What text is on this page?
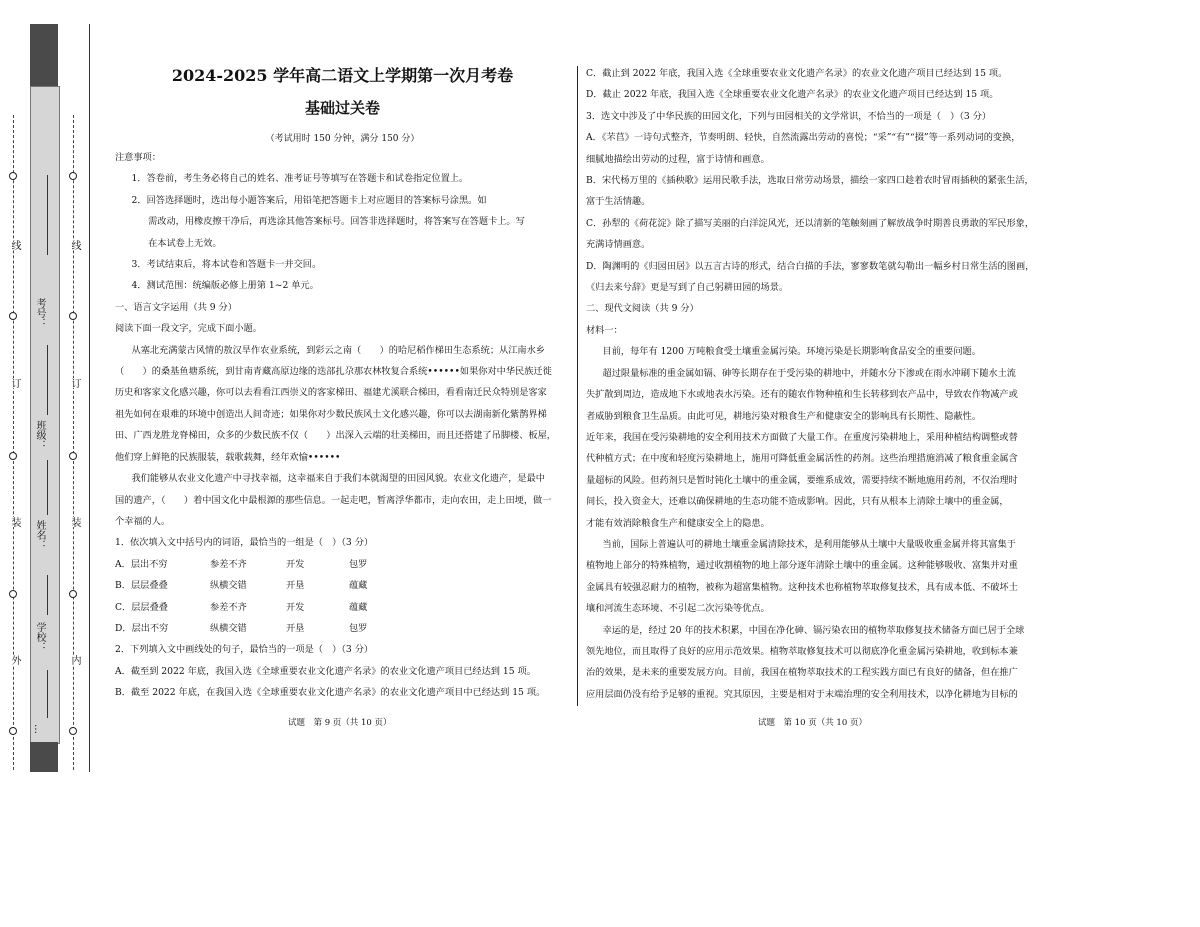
线
订
装
外
考号：
班级：
姓名：
学校：
…
线
订
装
内
2024-2025 学年高二语文上学期第一次月考卷
基础过关卷
（考试用时 150 分钟，满分 150 分）

注意事项：

1．答卷前，考生务必将自己的姓名、准考证号等填写在答题卡和试卷指定位置上。

2．回答选择题时，选出每小题答案后，用铅笔把答题卡上对应题目的答案标号涂黑。如

需改动，用橡皮擦干净后，再选涂其他答案标号。回答非选择题时，将答案写在答题卡上。写

在本试卷上无效。

3．考试结束后，将本试卷和答题卡一并交回。

4．测试范围：统编版必修上册第 1~2 单元。

一、语言文字运用（共 9 分）

阅读下面一段文字，完成下面小题。

从塞北充满蒙古风情的敖汉旱作农业系统，到彩云之南（　　）的哈尼稻作梯田生态系统；从江南水乡

（　　）的桑基鱼塘系统，到甘南青藏高原边缘的迭部扎尕那农林牧复合系统••••••如果你对中华民族迁徙

历史和客家文化感兴趣，你可以去看看江西崇义的客家梯田、福建尤溪联合梯田，看看南迁民众特别是客家

祖先如何在艰难的环境中创造出人间奇迹；如果你对少数民族风土文化感兴趣，你可以去湖南新化紫鹊界梯

田、广西龙胜龙脊梯田，众多的少数民族不仅（　　）出深入云端的壮美梯田，而且还搭建了吊脚楼、板屋，

他们穿上鲜艳的民族服装，载歌载舞，经年欢愉••••••

我们能够从农业文化遗产中寻找幸福，这幸福来自于我们本就渴望的田园风貌。农业文化遗产，是最中

国的遗产，（　　）着中国文化中最根源的那些信息。一起走吧，暂离浮华都市，走向农田，走上田埂，做一

个幸福的人。

1．依次填入文中括号内的词语，最恰当的一组是（　）（3 分）

A．层出不穷	参差不齐	开发	包罗

B．层层叠叠	纵横交错	开垦	蕴藏

C．层层叠叠	参差不齐	开发	蕴藏

D．层出不穷	纵横交错	开垦	包罗

2．下列填入文中画线处的句子，最恰当的一项是（　）（3 分）

A．截至到 2022 年底，我国入选《全球重要农业文化遗产名录》的农业文化遗产项目已经达到 15 项。

B．截至 2022 年底，在我国入选《全球重要农业文化遗产名录》的农业文化遗产项目中已经达到 15 项。

C．截止到 2022 年底，我国入选《全球重要农业文化遗产名录》的农业文化遗产项目已经达到 15 项。

D．截止 2022 年底，我国入选《全球重要农业文化遗产名录》的农业文化遗产项目已经达到 15 项。

3．选文中涉及了中华民族的田园文化，下列与田园相关的文学常识，不恰当的一项是（　）（3 分）

A．《芣苢》一诗句式整齐，节奏明朗、轻快，自然流露出劳动的喜悦；“采”“有”“掇”等一系列动词的变换，

细腻地描绘出劳动的过程，富于诗情和画意。

B．宋代杨万里的《插秧歌》运用民歌手法，选取日常劳动场景，描绘一家四口趁着农时冒雨插秧的紧张生活，

富于生活情趣。

C．孙犁的《荷花淀》除了描写美丽的白洋淀风光，还以清新的笔触刻画了解放战争时期善良勇敢的军民形象，

充满诗情画意。

D．陶渊明的《归园田居》以五言古诗的形式，结合白描的手法，寥寥数笔就勾勒出一幅乡村日常生活的图画，

《归去来兮辞》更是写到了自己躬耕田园的场景。

二、现代文阅读（共 9 分）

材料一：

目前，每年有 1200 万吨粮食受土壤重金属污染。环境污染是长期影响食品安全的重要问题。

超过限量标准的重金属如镉、砷等长期存在于受污染的耕地中，并随水分下渗或在雨水冲刷下随水土流

失扩散到周边，造成地下水或地表水污染。还有的随农作物种植和生长转移到农产品中，导致农作物减产或

者威胁到粮食卫生品质。由此可见，耕地污染对粮食生产和健康安全的影响具有长期性、隐蔽性。

近年来，我国在受污染耕地的安全利用技术方面做了大量工作。在重度污染耕地上，采用种植结构调整或替

代种植方式；在中度和轻度污染耕地上，施用可降低重金属活性的药剂。这些治理措施消减了粮食重金属含

量超标的风险。但药剂只是暂时钝化土壤中的重金属，要维系成效，需要持续不断地施用药剂，不仅治理时

间长，投入资金大，还难以确保耕地的生态功能不造成影响。因此，只有从根本上清除土壤中的重金属，

才能有效消除粮食生产和健康安全上的隐患。

当前，国际上普遍认可的耕地土壤重金属清除技术，是利用能够从土壤中大量吸收重金属并将其富集于

植物地上部分的特殊植物，通过收割植物的地上部分逐年清除土壤中的重金属。这种能够吸收、富集并对重

金属具有较强忍耐力的植物，被称为超富集植物。这种技术也称植物萃取修复技术，具有成本低、不破坏土

壤和河流生态环境、不引起二次污染等优点。

幸运的是，经过 20 年的技术积累，中国在净化砷、镉污染农田的植物萃取修复技术储备方面已居于全球

领先地位，而且取得了良好的应用示范效果。植物萃取修复技术可以彻底净化重金属污染耕地，收到标本兼

治的效果，是未来的重要发展方向。目前，我国在植物萃取技术的工程实践方面已有良好的储备，但在推广

应用层面仍没有给予足够的重视。究其原因，主要是相对于末端治理的安全利用技术，以净化耕地为目标的

试题　第 9 页（共 10 页）	试题　第 10 页（共 10 页）
